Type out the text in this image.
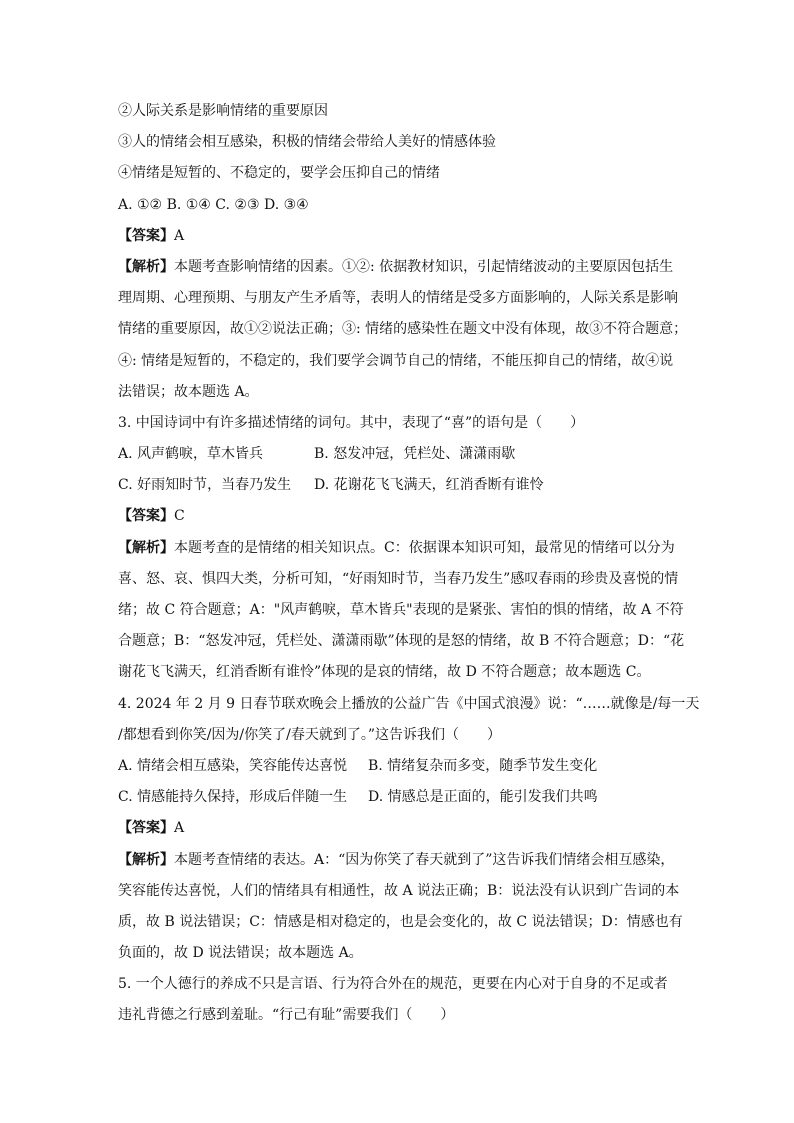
②人际关系是影响情绪的重要原因
③人的情绪会相互感染，积极的情绪会带给人美好的情感体验
④情绪是短暂的、不稳定的，要学会压抑自己的情绪
A. ①② B. ①④ C. ②③ D. ③④
【答案】A
【解析】本题考查影响情绪的因素。①②: 依据教材知识，引起情绪波动的主要原因包括生
理周期、心理预期、与朋友产生矛盾等，表明人的情绪是受多方面影响的，人际关系是影响
情绪的重要原因，故①②说法正确；③: 情绪的感染性在题文中没有体现，故③不符合题意；
④: 情绪是短暂的，不稳定的，我们要学会调节自己的情绪，不能压抑自己的情绪，故④说
法错误；故本题选 A。
3. 中国诗词中有许多描述情绪的词句。其中，表现了“喜”的语句是（　　）
A. 风声鹤唳，草木皆兵	B. 怒发冲冠，凭栏处、潇潇雨歇
C. 好雨知时节，当春乃发生	D. 花谢花飞飞满天，红消香断有谁怜
【答案】C
【解析】本题考查的是情绪的相关知识点。C：依据课本知识可知，最常见的情绪可以分为
喜、怒、哀、惧四大类，分析可知，“好雨知时节，当春乃发生”感叹春雨的珍贵及喜悦的情
绪；故 C 符合题意；A："风声鹤唳，草木皆兵"表现的是紧张、害怕的惧的情绪，故 A 不符
合题意；B：“怒发冲冠，凭栏处、潇潇雨歇”体现的是怒的情绪，故 B 不符合题意；D：“花
谢花飞飞满天，红消香断有谁怜”体现的是哀的情绪，故 D 不符合题意；故本题选 C。
4. 2024 年 2 月 9 日春节联欢晚会上播放的公益广告《中国式浪漫》说：“……就像是/每一天
/都想看到你笑/因为/你笑了/春天就到了。”这告诉我们（　　）
A. 情绪会相互感染，笑容能传达喜悦	B. 情绪复杂而多变，随季节发生变化
C. 情感能持久保持，形成后伴随一生	D. 情感总是正面的，能引发我们共鸣
【答案】A
【解析】本题考查情绪的表达。A：“因为你笑了春天就到了”这告诉我们情绪会相互感染，
笑容能传达喜悦，人们的情绪具有相通性，故 A 说法正确；B：说法没有认识到广告词的本
质，故 B 说法错误；C：情感是相对稳定的，也是会变化的，故 C 说法错误；D：情感也有
负面的，故 D 说法错误；故本题选 A。
5. 一个人德行的养成不只是言语、行为符合外在的规范，更要在内心对于自身的不足或者
违礼背德之行感到羞耻。“行己有耻”需要我们（　　）
